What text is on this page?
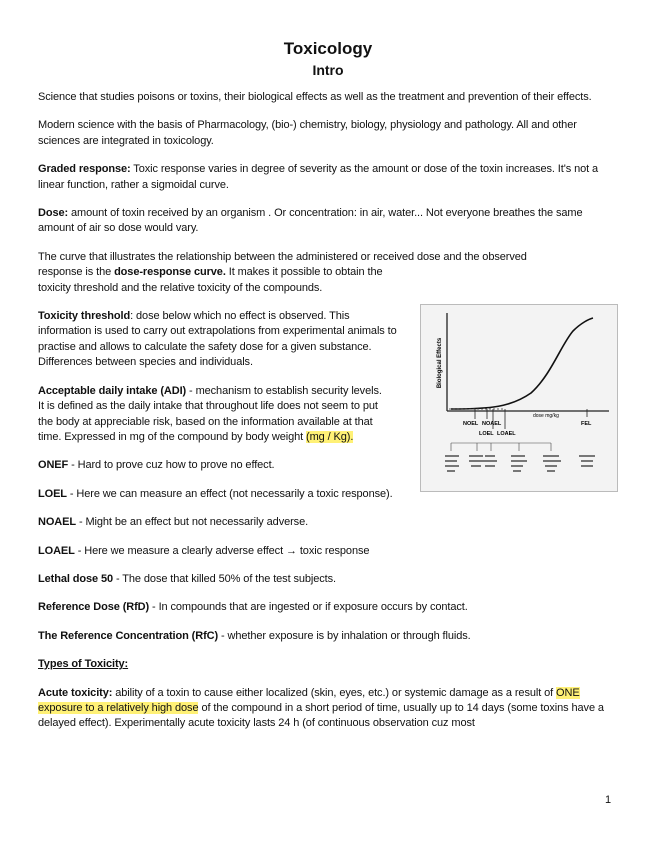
Toxicology
Intro

Science that studies poisons or toxins, their biological effects as well as the treatment and prevention of their effects.

Modern science with the basis of Pharmacology, (bio-) chemistry, biology, physiology and pathology. All and other sciences are integrated in toxicology.

Graded response: Toxic response varies in degree of severity as the amount or dose of the toxin increases. It's not a linear function, rather a sigmoidal curve.

Dose: amount of toxin received by an organism . Or concentration: in air, water... Not everyone breathes the same amount of air so dose would vary.

The curve that illustrates the relationship between the administered or received dose and the observed
response is the dose-response curve. It makes it possible to obtain the toxicity threshold and the relative toxicity of the compounds.

Toxicity threshold: dose below which no effect is observed. This information is used to carry out extrapolations from experimental animals to practise and allows to calculate the safety dose for a given substance. Differences between species and individuals.

Acceptable daily intake (ADI) - mechanism to establish security levels. It is defined as the daily intake that throughout life does not seem to put the body at appreciable risk, based on the information available at that time. Expressed in mg of the compound by body weight (mg / Kg).

ONEF - Hard to prove cuz how to prove no effect.

LOEL - Here we can measure an effect (not necessarily a toxic response).

NOAEL - Might be an effect but not necessarily adverse.

LOAEL - Here we measure a clearly adverse effect → toxic response

Lethal dose 50 - The dose that killed 50% of the test subjects.

Reference Dose (RfD) - In compounds that are ingested or if exposure occurs by contact.

The Reference Concentration (RfC) - whether exposure is by inhalation or through fluids.

Types of Toxicity:

Acute toxicity: ability of a toxin to cause either localized (skin, eyes, etc.) or systemic damage as a result of ONE exposure to a relatively high dose of the compound in a short period of time, usually up to 14 days (some toxins have a delayed effect). Experimentally acute toxicity lasts 24 h (of continuous observation cuz most

Biological Effects
dose mg/kg
NOEL NOAEL
LOEL LOAEL
FEL
1
